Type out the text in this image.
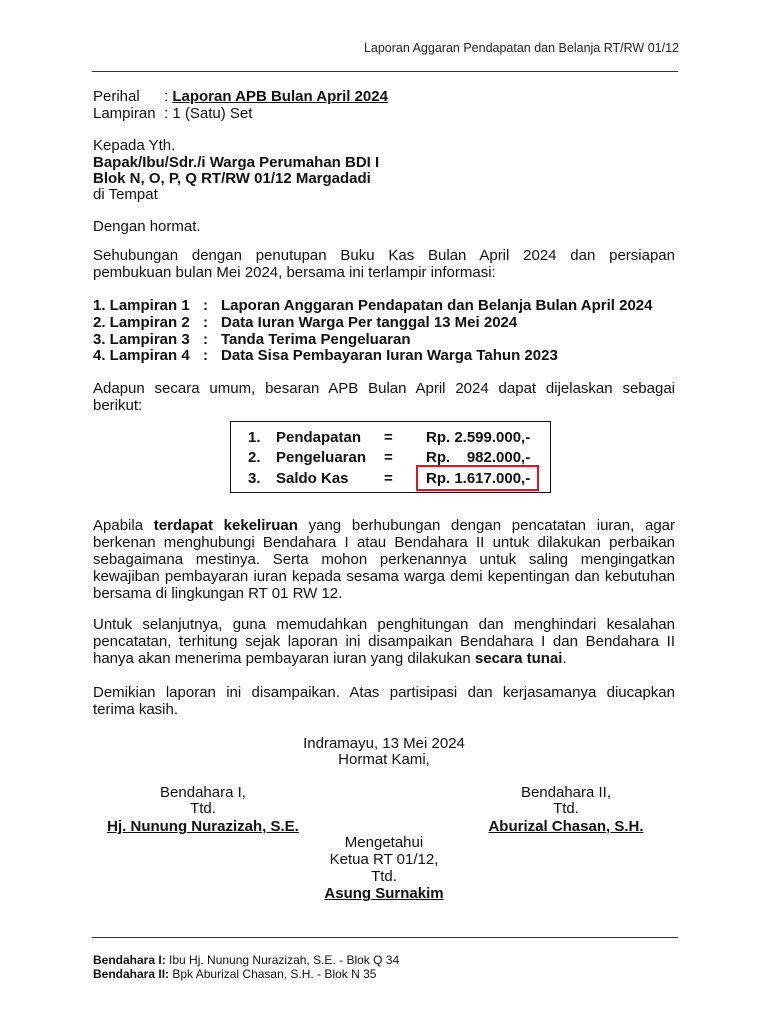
Laporan Aggaran Pendapatan dan Belanja RT/RW 01/12
Perihal : Laporan APB Bulan April 2024
Lampiran : 1 (Satu) Set
Kepada Yth.
Bapak/Ibu/Sdr./i Warga Perumahan BDI I
Blok N, O, P, Q RT/RW 01/12 Margadadi
di Tempat
Dengan hormat.
Sehubungan dengan penutupan Buku Kas Bulan April 2024 dan persiapan
pembukuan bulan Mei 2024, bersama ini terlampir informasi:
1. Lampiran 1 : Laporan Anggaran Pendapatan dan Belanja Bulan April 2024
2. Lampiran 2 : Data Iuran Warga Per tanggal 13 Mei 2024
3. Lampiran 3 : Tanda Terima Pengeluaran
4. Lampiran 4 : Data Sisa Pembayaran Iuran Warga Tahun 2023
Adapun secara umum, besaran APB Bulan April 2024 dapat dijelaskan sebagai
berikut:
1. Pendapatan = Rp. 2.599.000,-
2. Pengeluaran = Rp.    982.000,-
3. Saldo Kas = Rp. 1.617.000,-
Apabila terdapat kekeliruan yang berhubungan dengan pencatatan iuran, agar
berkenan menghubungi Bendahara I atau Bendahara II untuk dilakukan perbaikan
sebagaimana mestinya. Serta mohon perkenannya untuk saling mengingatkan
kewajiban pembayaran iuran kepada sesama warga demi kepentingan dan kebutuhan
bersama di lingkungan RT 01 RW 12.
Untuk selanjutnya, guna memudahkan penghitungan dan menghindari kesalahan
pencatatan, terhitung sejak laporan ini disampaikan Bendahara I dan Bendahara II
hanya akan menerima pembayaran iuran yang dilakukan secara tunai.
Demikian laporan ini disampaikan. Atas partisipasi dan kerjasamanya diucapkan
terima kasih.
Indramayu, 13 Mei 2024
Hormat Kami,
Bendahara I,
Ttd.
Hj. Nunung Nurazizah, S.E.
Bendahara II,
Ttd.
Aburizal Chasan, S.H.
Mengetahui
Ketua RT 01/12,
Ttd.
Asung Surnakim
Bendahara I: Ibu Hj. Nunung Nurazizah, S.E. - Blok Q 34
Bendahara II: Bpk Aburizal Chasan, S.H. - Blok N 35
